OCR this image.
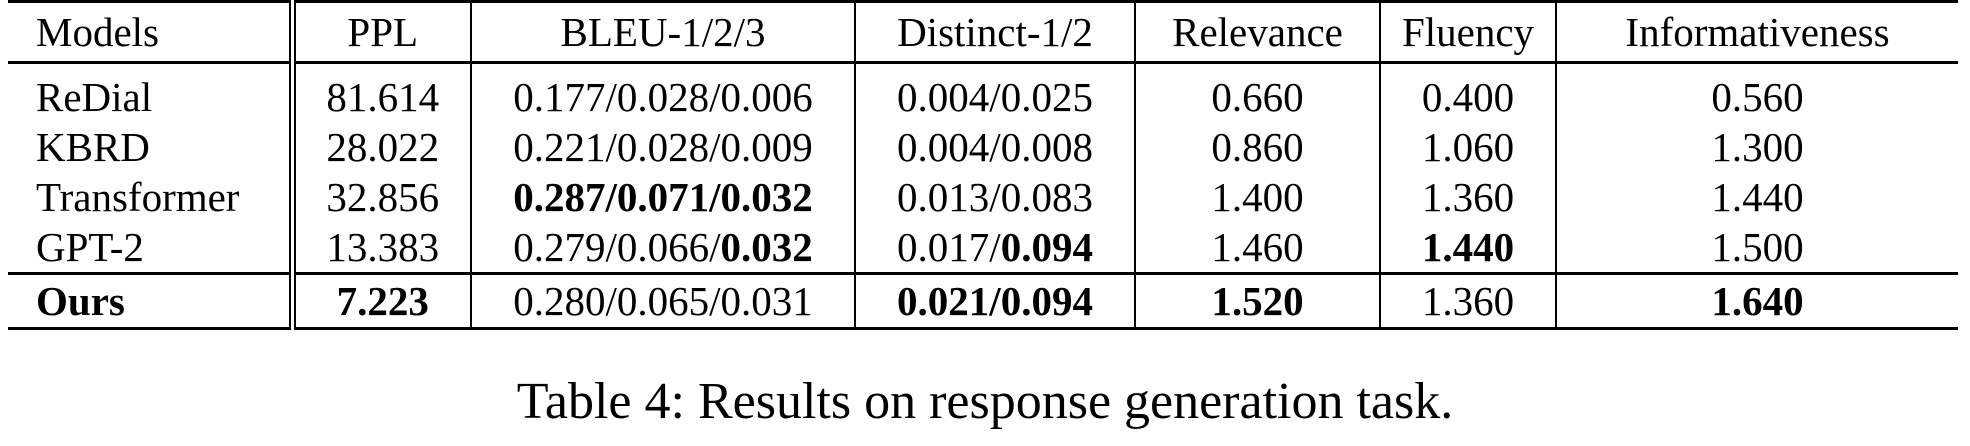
Models	PPL	BLEU-1/2/3	Distinct-1/2	Relevance	Fluency	Informativeness

ReDial	81.614	0.177/0.028/0.006	0.004/0.025	0.660	0.400	0.560
KBRD	28.022	0.221/0.028/0.009	0.004/0.008	0.860	1.060	1.300
Transformer	32.856	0.287/0.071/0.032	0.013/0.083	1.400	1.360	1.440
GPT-2	13.383	0.279/0.066/0.032	0.017/0.094	1.460	1.440	1.500
Ours	7.223	0.280/0.065/0.031	0.021/0.094	1.520	1.360	1.640
Table 4: Results on response generation task.
